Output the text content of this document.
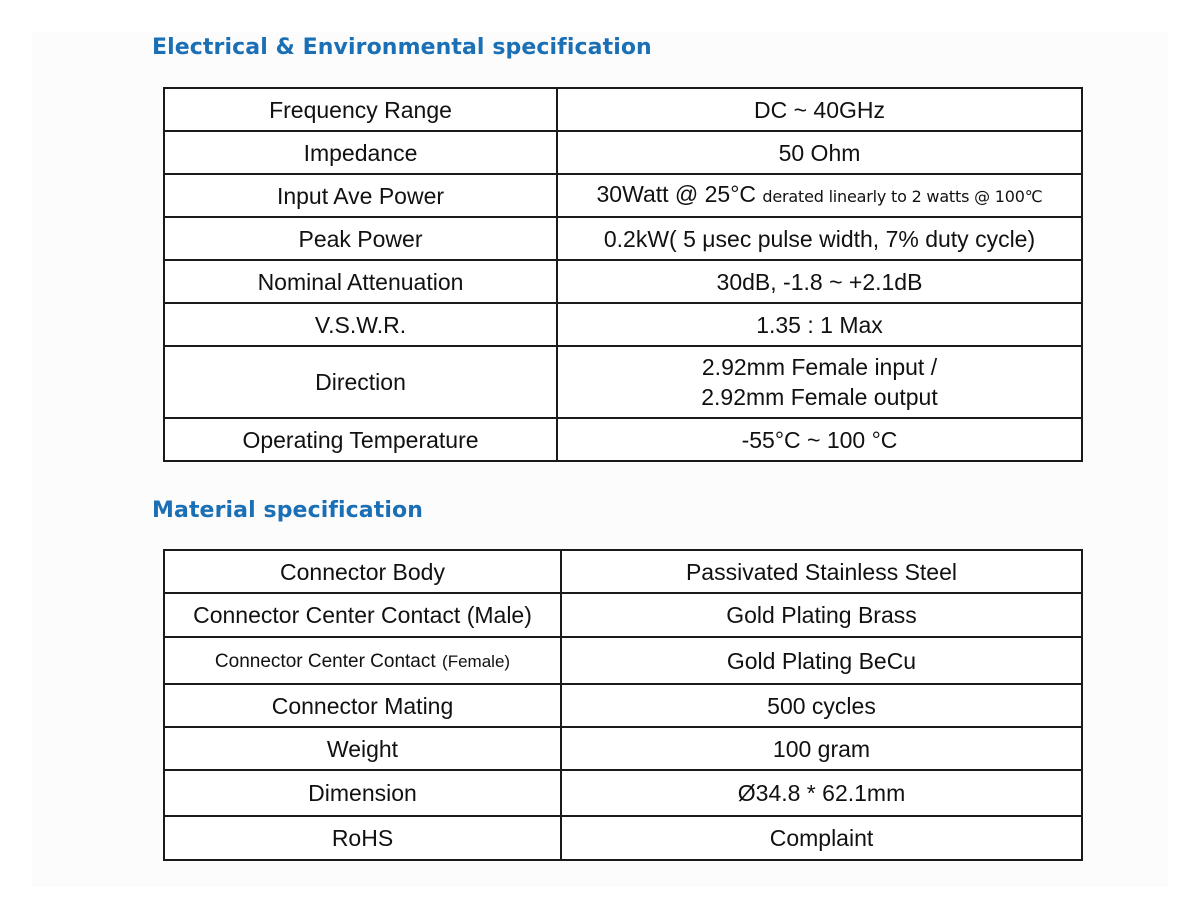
Electrical & Environmental specification
Frequency Range	DC ~ 40GHz
Impedance	50 Ohm
Input Ave Power	30Watt @ 25°C derated linearly to 2 watts @ 100℃
Peak Power	0.2kW( 5 μsec pulse width, 7% duty cycle)
Nominal Attenuation	30dB, -1.8 ~ +2.1dB
V.S.W.R.	1.35 : 1 Max
Direction	2.92mm Female input /
2.92mm Female output

Operating Temperature	-55°C ~ 100 °C
Material specification
Connector Body	Passivated Stainless Steel
Connector Center Contact (Male)	Gold Plating Brass
Connector Center Contact (Female)	Gold Plating BeCu
Connector Mating	500 cycles
Weight	100 gram
Dimension	Ø34.8 * 62.1mm
RoHS	Complaint
